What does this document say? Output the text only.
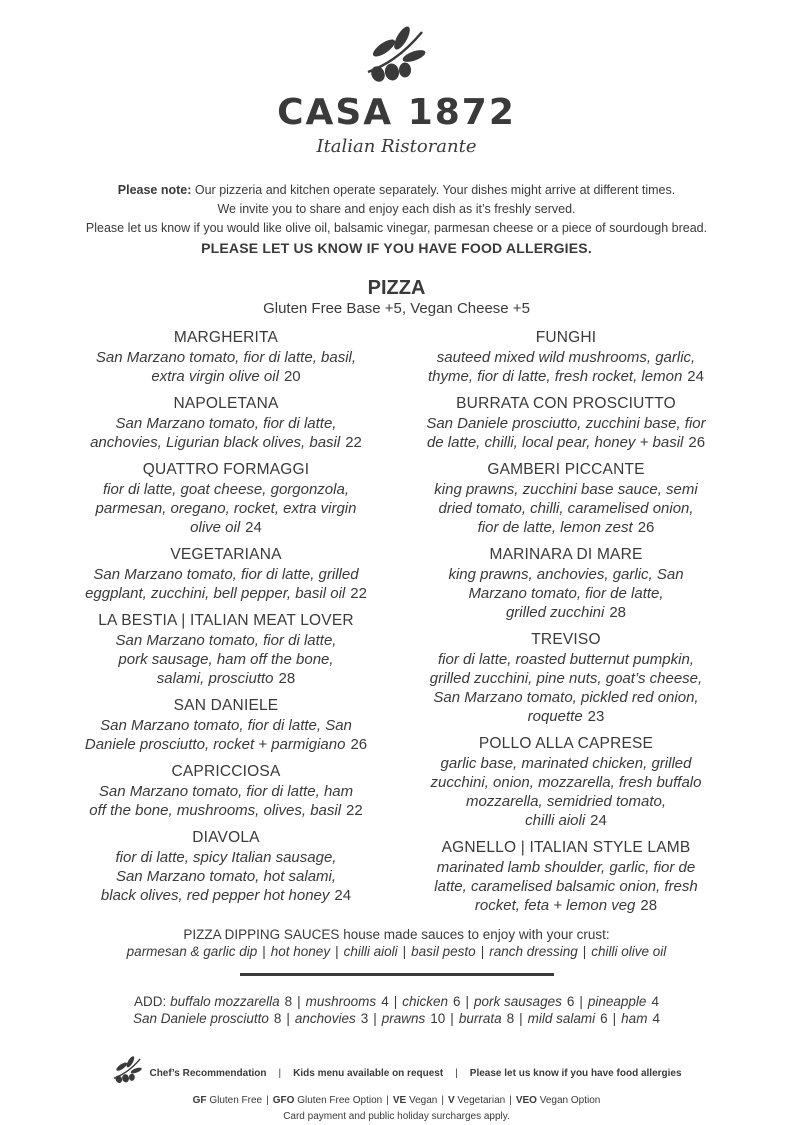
CASA 1872
Italian Ristorante
Please note: Our pizzeria and kitchen operate separately. Your dishes might arrive at different times.
We invite you to share and enjoy each dish as it’s freshly served.
Please let us know if you would like olive oil, balsamic vinegar, parmesan cheese or a piece of sourdough bread.
PLEASE LET US KNOW IF YOU HAVE FOOD ALLERGIES.
PIZZA
Gluten Free Base +5, Vegan Cheese +5
MARGHERITA
San Marzano tomato, fior di latte, basil,
extra virgin olive oil 20
NAPOLETANA
San Marzano tomato, fior di latte,
anchovies, Ligurian black olives, basil 22
QUATTRO FORMAGGI
fior di latte, goat cheese, gorgonzola,
parmesan, oregano, rocket, extra virgin
olive oil 24
VEGETARIANA
San Marzano tomato, fior di latte, grilled
eggplant, zucchini, bell pepper, basil oil 22
LA BESTIA | ITALIAN MEAT LOVER
San Marzano tomato, fior di latte,
pork sausage, ham off the bone,
salami, prosciutto 28
SAN DANIELE
San Marzano tomato, fior di latte, San
Daniele prosciutto, rocket + parmigiano 26
CAPRICCIOSA
San Marzano tomato, fior di latte, ham
off the bone, mushrooms, olives, basil 22
DIAVOLA
fior di latte, spicy Italian sausage,
San Marzano tomato, hot salami,
black olives, red pepper hot honey 24
FUNGHI
sauteed mixed wild mushrooms, garlic,
thyme, fior di latte, fresh rocket, lemon 24
BURRATA CON PROSCIUTTO
San Daniele prosciutto, zucchini base, fior
de latte, chilli, local pear, honey + basil 26
GAMBERI PICCANTE
king prawns, zucchini base sauce, semi
dried tomato, chilli, caramelised onion,
fior de latte, lemon zest 26
MARINARA DI MARE
king prawns, anchovies, garlic, San
Marzano tomato, fior de latte,
grilled zucchini 28
TREVISO
fior di latte, roasted butternut pumpkin,
grilled zucchini, pine nuts, goat’s cheese,
San Marzano tomato, pickled red onion,
roquette 23
POLLO ALLA CAPRESE
garlic base, marinated chicken, grilled
zucchini, onion, mozzarella, fresh buffalo
mozzarella, semidried tomato,
chilli aioli 24
AGNELLO | ITALIAN STYLE LAMB
marinated lamb shoulder, garlic, fior de
latte, caramelised balsamic onion, fresh
rocket, feta + lemon veg 28
PIZZA DIPPING SAUCES house made sauces to enjoy with your crust:
parmesan & garlic dip | hot honey | chilli aioli | basil pesto | ranch dressing | chilli olive oil
ADD: buffalo mozzarella 8 | mushrooms 4 | chicken 6 | pork sausages 6 | pineapple 4
San Daniele prosciutto 8 | anchovies 3 | prawns 10 | burrata 8 | mild salami 6 | ham 4
Chef’s Recommendation | Kids menu available on request | Please let us know if you have food allergies
GF Gluten Free | GFO Gluten Free Option | VE Vegan | V Vegetarian | VEO Vegan Option
Card payment and public holiday surcharges apply.
